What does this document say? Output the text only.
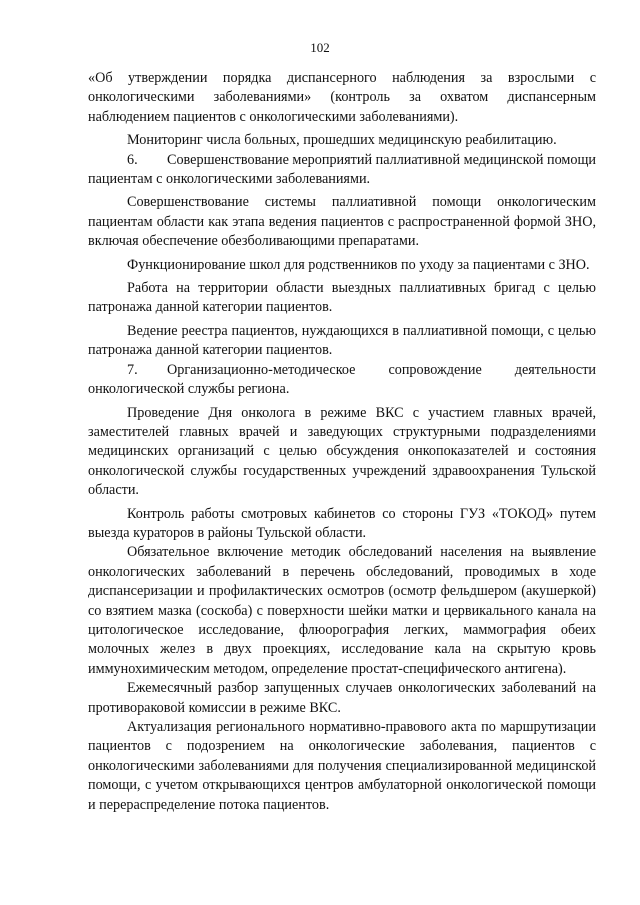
102

«Об утверждении порядка диспансерного наблюдения за взрослыми с онкологическими заболеваниями» (контроль за охватом диспансерным наблюдением пациентов с онкологическими заболеваниями).

Мониторинг числа больных, прошедших медицинскую реабилитацию.

6. Совершенствование мероприятий паллиативной медицинской помощи пациентам с онкологическими заболеваниями.

Совершенствование системы паллиативной помощи онкологическим пациентам области как этапа ведения пациентов с распространенной формой ЗНО, включая обеспечение обезболивающими препаратами.

Функционирование школ для родственников по уходу за пациентами с ЗНО.

Работа на территории области выездных паллиативных бригад с целью патронажа данной категории пациентов.

Ведение реестра пациентов, нуждающихся в паллиативной помощи, с целью патронажа данной категории пациентов.

7. Организационно-методическое сопровождение деятельности онкологической службы региона.

Проведение Дня онколога в режиме ВКС с участием главных врачей, заместителей главных врачей и заведующих структурными подразделениями медицинских организаций с целью обсуждения онкопоказателей и состояния онкологической службы государственных учреждений здравоохранения Тульской области.

Контроль работы смотровых кабинетов со стороны ГУЗ «ТОКОД» путем выезда кураторов в районы Тульской области.

Обязательное включение методик обследований населения на выявление онкологических заболеваний в перечень обследований, проводимых в ходе диспансеризации и профилактических осмотров (осмотр фельдшером (акушеркой) со взятием мазка (соскоба) с поверхности шейки матки и цервикального канала на цитологическое исследование, флюорография легких, маммография обеих молочных желез в двух проекциях, исследование кала на скрытую кровь иммунохимическим методом, определение простат-специфического антигена).

Ежемесячный разбор запущенных случаев онкологических заболеваний на противораковой комиссии в режиме ВКС.

Актуализация регионального нормативно-правового акта по маршрутизации пациентов с подозрением на онкологические заболевания, пациентов с онкологическими заболеваниями для получения специализированной медицинской помощи, с учетом открывающихся центров амбулаторной онкологической помощи и перераспределение потока пациентов.
